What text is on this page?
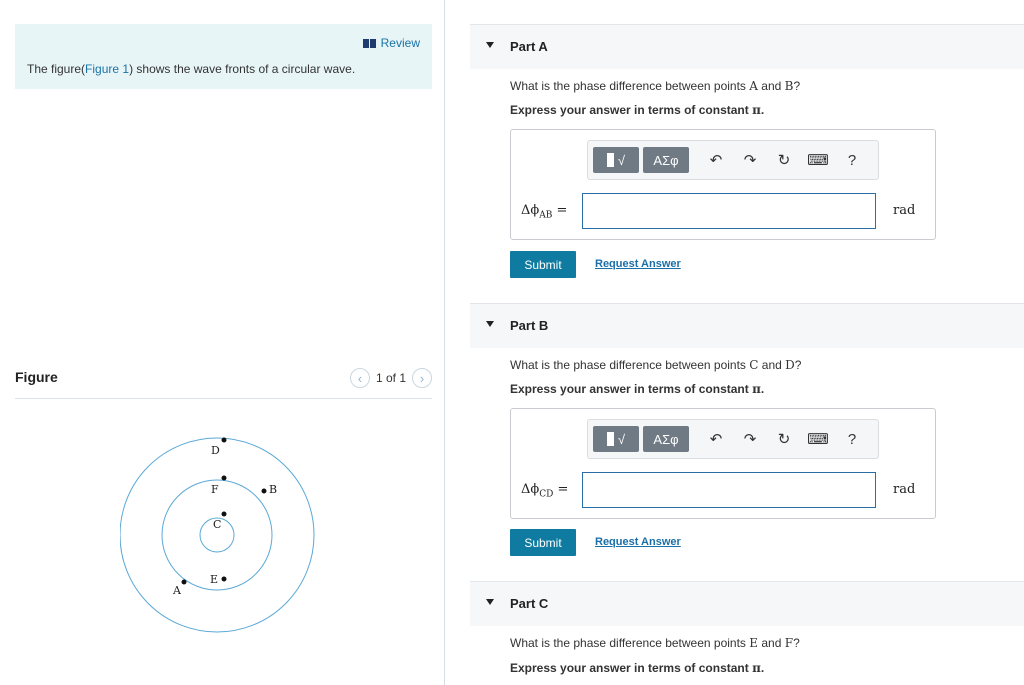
Review
The figure(Figure 1) shows the wave fronts of a circular wave.
Figure	‹	1 of 1	›
D
F
C
B
A
E
Part A
What is the phase difference between points A and B?
Express your answer in terms of constant π.
√	ΑΣφ	↶	↷	↻	⌨	?
$\Delta\phi_{AB}$ =	rad
Submit	Request Answer
Part B
What is the phase difference between points C and D?
Express your answer in terms of constant π.
√	ΑΣφ	↶	↷	↻	⌨	?
$\Delta\phi_{CD}$ =	rad
Submit	Request Answer
Part C
What is the phase difference between points E and F?
Express your answer in terms of constant π.
